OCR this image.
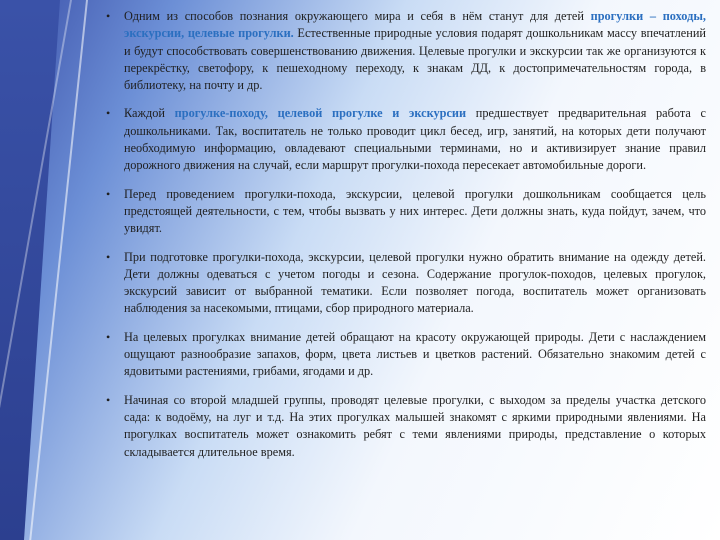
• Одним из способов познания окружающего мира и себя в нём станут для детей прогулки – походы, экскурсии, целевые прогулки. Естественные природные условия подарят дошкольникам массу впечатлений и будут способствовать совершенствованию движения. Целевые прогулки и экскурсии так же организуются к перекрёстку, светофору, к пешеходному переходу, к знакам ДД, к достопримечательностям города, в библиотеку, на почту и др.

• Каждой прогулке-походу, целевой прогулке и экскурсии предшествует предварительная работа с дошкольниками. Так, воспитатель не только проводит цикл бесед, игр, занятий, на которых дети получают необходимую информацию, овладевают специальными терминами, но и активизирует знание правил дорожного движения на случай, если маршрут прогулки-похода пересекает автомобильные дороги.

• Перед проведением прогулки-похода, экскурсии, целевой прогулки дошкольникам сообщается цель предстоящей деятельности, с тем, чтобы вызвать у них интерес. Дети должны знать, куда пойдут, зачем, что увидят.

• При подготовке прогулки-похода, экскурсии, целевой прогулки нужно обратить внимание на одежду детей. Дети должны одеваться с учетом погоды и сезона. Содержание прогулок-походов, целевых прогулок, экскурсий зависит от выбранной тематики. Если позволяет погода, воспитатель может организовать наблюдения за насекомыми, птицами, сбор природного материала.

• На целевых прогулках внимание детей обращают на красоту окружающей природы. Дети с наслаждением ощущают разнообразие запахов, форм, цвета листьев и цветков растений. Обязательно знакомим детей с ядовитыми растениями, грибами, ягодами и др.

• Начиная со второй младшей группы, проводят целевые прогулки, с выходом за пределы участка детского сада: к водоёму, на луг и т.д. На этих прогулках малышей знакомят с яркими природными явлениями. На прогулках воспитатель может ознакомить ребят с теми явлениями природы, представление о которых складывается длительное время.
